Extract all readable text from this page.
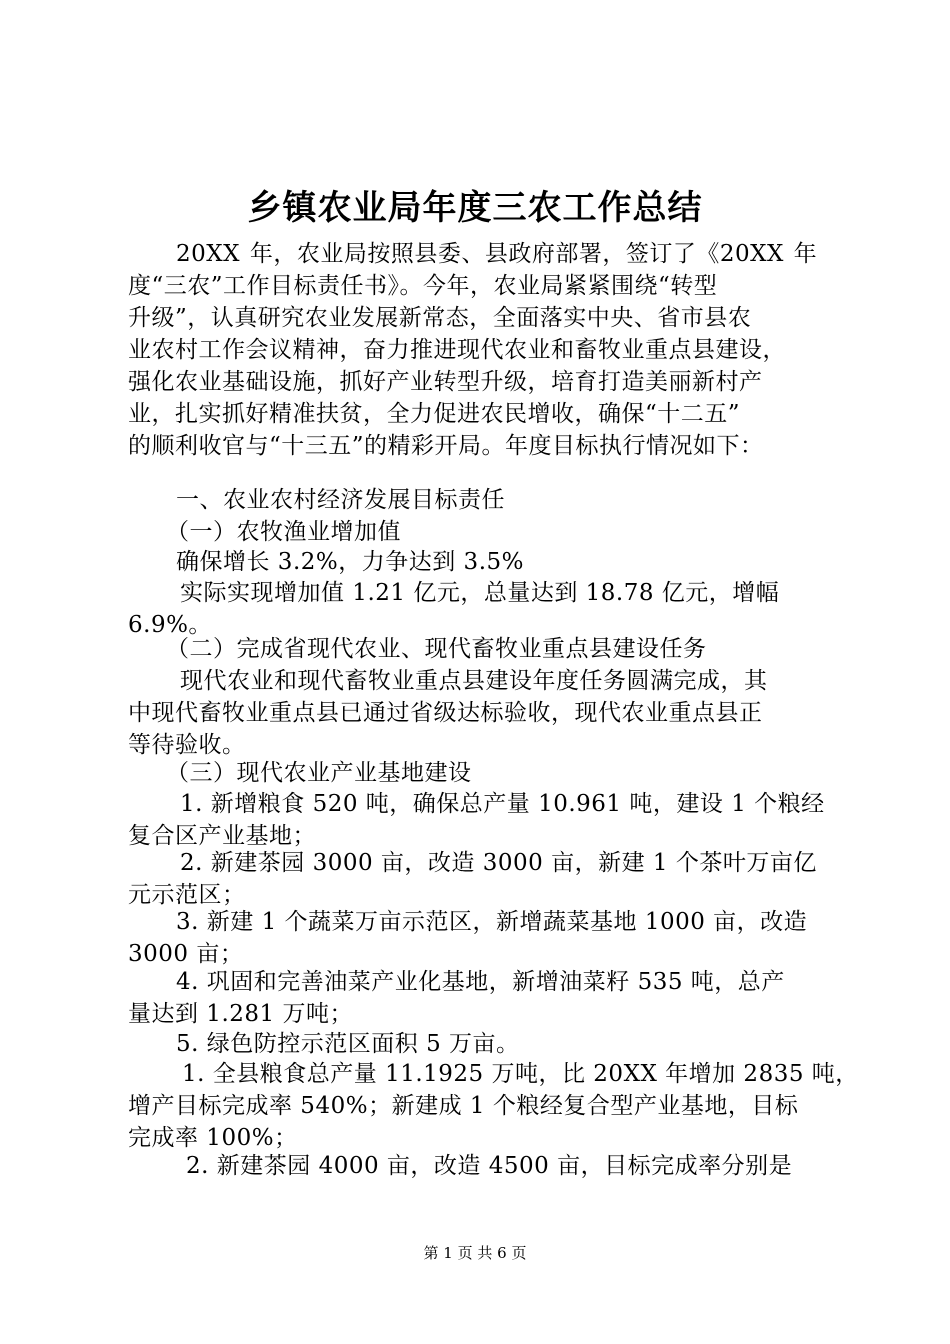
乡镇农业局年度三农工作总结
20XX 年，农业局按照县委、县政府部署，签订了《20XX 年
度“三农”工作目标责任书》。今年，农业局紧紧围绕“转型
升级”，认真研究农业发展新常态，全面落实中央、省市县农
业农村工作会议精神，奋力推进现代农业和畜牧业重点县建设，
强化农业基础设施，抓好产业转型升级，培育打造美丽新村产
业，扎实抓好精准扶贫，全力促进农民增收，确保“十二五”
的顺利收官与“十三五”的精彩开局。年度目标执行情况如下：
一、农业农村经济发展目标责任
（一）农牧渔业增加值
确保增长 3.2%，力争达到 3.5%
实际实现增加值 1.21 亿元，总量达到 18.78 亿元，增幅
6.9%。
（二）完成省现代农业、现代畜牧业重点县建设任务
现代农业和现代畜牧业重点县建设年度任务圆满完成，其
中现代畜牧业重点县已通过省级达标验收，现代农业重点县正
等待验收。
（三）现代农业产业基地建设
1. 新增粮食 520 吨，确保总产量 10.961 吨，建设 1 个粮经
复合区产业基地；
2. 新建茶园 3000 亩，改造 3000 亩，新建 1 个茶叶万亩亿
元示范区；
3. 新建 1 个蔬菜万亩示范区，新增蔬菜基地 1000 亩，改造
3000 亩；
4. 巩固和完善油菜产业化基地，新增油菜籽 535 吨，总产
量达到 1.281 万吨；
5. 绿色防控示范区面积 5 万亩。
1. 全县粮食总产量 11.1925 万吨，比 20XX 年增加 2835 吨，
增产目标完成率 540%；新建成 1 个粮经复合型产业基地，目标
完成率 100%；
2. 新建茶园 4000 亩，改造 4500 亩，目标完成率分别是
第 1 页 共 6 页
